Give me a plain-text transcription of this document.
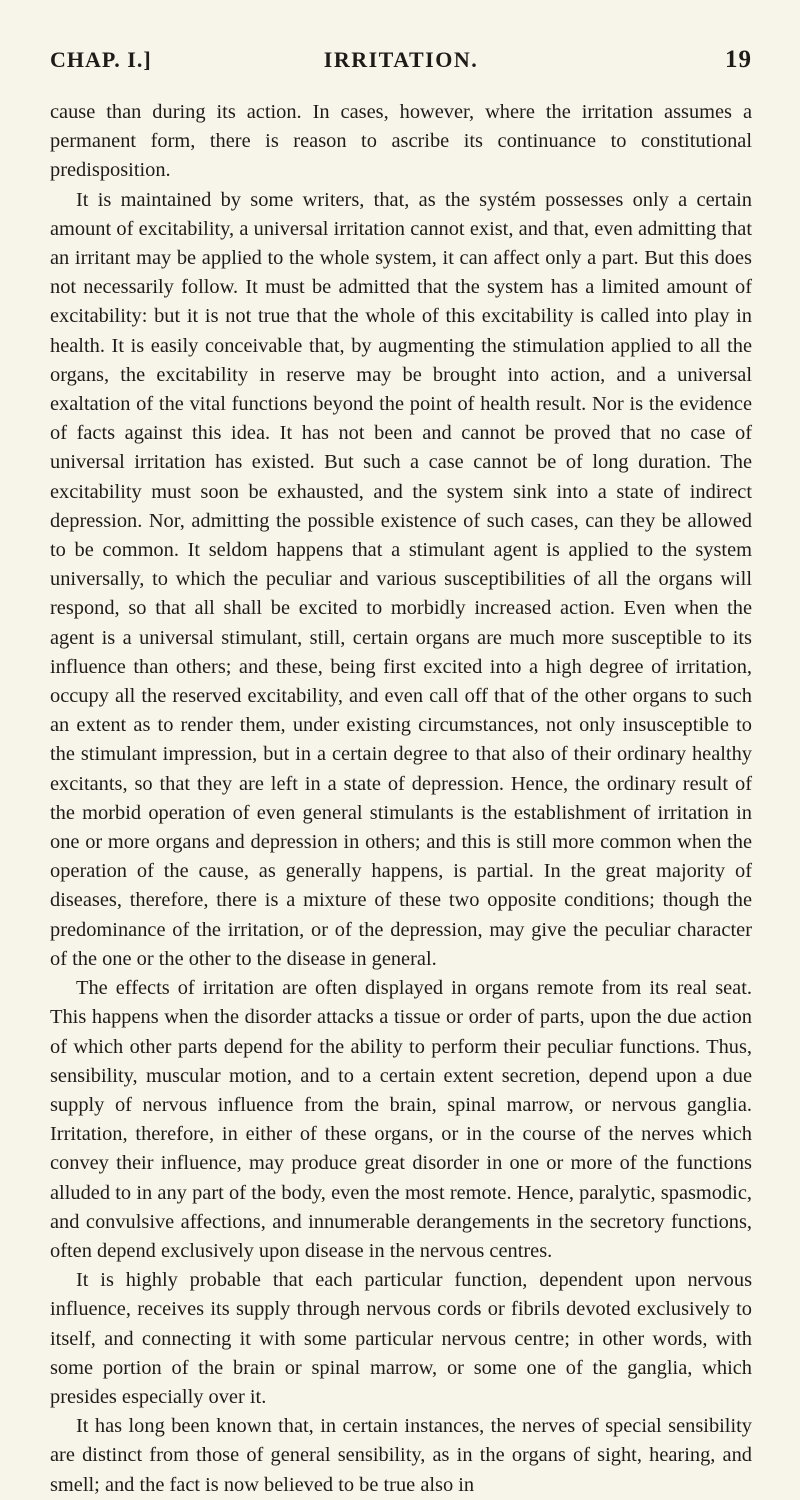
CHAP. I.]	IRRITATION.	19

cause than during its action. In cases, however, where the irritation assumes a permanent form, there is reason to ascribe its continuance to constitutional predisposition.

It is maintained by some writers, that, as the systém possesses only a certain amount of excitability, a universal irritation cannot exist, and that, even admitting that an irritant may be applied to the whole system, it can affect only a part. But this does not necessarily follow. It must be admitted that the system has a limited amount of excitability: but it is not true that the whole of this excitability is called into play in health. It is easily conceivable that, by augmenting the stimulation applied to all the organs, the excitability in reserve may be brought into action, and a universal exaltation of the vital functions beyond the point of health result. Nor is the evidence of facts against this idea. It has not been and cannot be proved that no case of universal irritation has existed. But such a case cannot be of long duration. The excitability must soon be exhausted, and the system sink into a state of indirect depression. Nor, admitting the possible existence of such cases, can they be allowed to be common. It seldom happens that a stimulant agent is applied to the system universally, to which the peculiar and various susceptibilities of all the organs will respond, so that all shall be excited to morbidly increased action. Even when the agent is a universal stimulant, still, certain organs are much more susceptible to its influence than others; and these, being first excited into a high degree of irritation, occupy all the reserved excitability, and even call off that of the other organs to such an extent as to render them, under existing circumstances, not only insusceptible to the stimulant impression, but in a certain degree to that also of their ordinary healthy excitants, so that they are left in a state of depression. Hence, the ordinary result of the morbid operation of even general stimulants is the establishment of irritation in one or more organs and depression in others; and this is still more common when the operation of the cause, as generally happens, is partial. In the great majority of diseases, therefore, there is a mixture of these two opposite conditions; though the predominance of the irritation, or of the depression, may give the peculiar character of the one or the other to the disease in general.

The effects of irritation are often displayed in organs remote from its real seat. This happens when the disorder attacks a tissue or order of parts, upon the due action of which other parts depend for the ability to perform their peculiar functions. Thus, sensibility, muscular motion, and to a certain extent secretion, depend upon a due supply of nervous influence from the brain, spinal marrow, or nervous ganglia. Irritation, therefore, in either of these organs, or in the course of the nerves which convey their influence, may produce great disorder in one or more of the functions alluded to in any part of the body, even the most remote. Hence, paralytic, spasmodic, and convulsive affections, and innumerable derangements in the secretory functions, often depend exclusively upon disease in the nervous centres.

It is highly probable that each particular function, dependent upon nervous influence, receives its supply through nervous cords or fibrils devoted exclusively to itself, and connecting it with some particular nervous centre; in other words, with some portion of the brain or spinal marrow, or some one of the ganglia, which presides especially over it.

It has long been known that, in certain instances, the nerves of special sensibility are distinct from those of general sensibility, as in the organs of sight, hearing, and smell; and the fact is now believed to be true also in
